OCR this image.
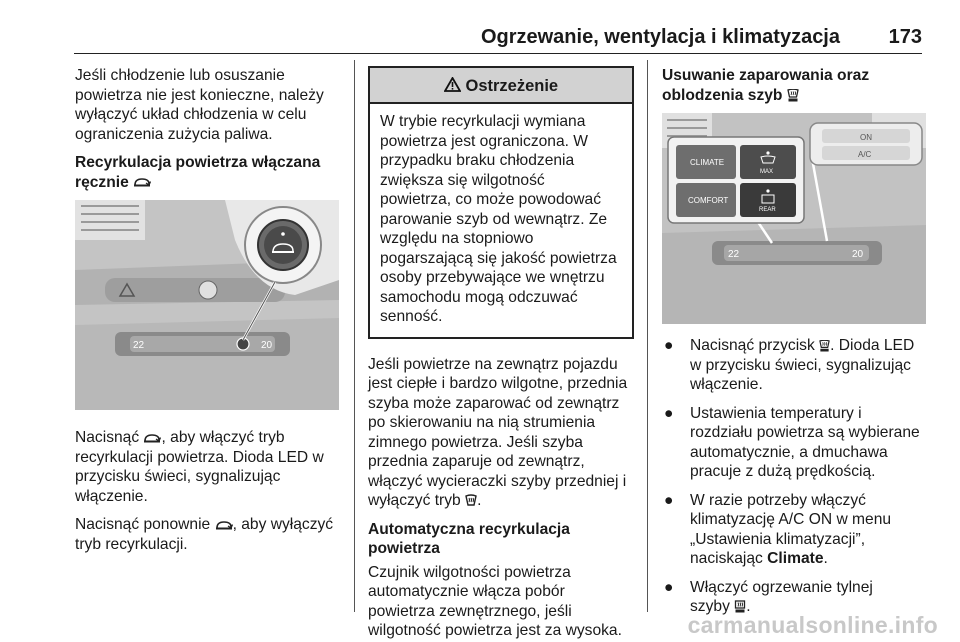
Ogrzewanie, wentylacja i klimatyzacja 173

Jeśli chłodzenie lub osuszanie
powietrza nie jest konieczne, należy
wyłączyć układ chłodzenia w celu
ograniczenia zużycia paliwa.

Recyrkulacja powietrza włączana
ręcznie
22	20

Nacisnąć , aby włączyć tryb
recyrkulacji powietrza. Dioda LED w
przycisku świeci, sygnalizując
włączenie.

Nacisnąć ponownie , aby wyłączyć
tryb recyrkulacji.

Ostrzeżenie
W trybie recyrkulacji wymiana
powietrza jest ograniczona. W
przypadku braku chłodzenia
zwiększa się wilgotność
powietrza, co może powodować
parowanie szyb od wewnątrz. Ze
względu na stopniowo
pogarszającą się jakość powietrza
osoby przebywające we wnętrzu
samochodu mogą odczuwać
senność.

Jeśli powietrze na zewnątrz pojazdu
jest ciepłe i bardzo wilgotne, przednia
szyba może zaparować od zewnątrz
po skierowaniu na nią strumienia
zimnego powietrza. Jeśli szyba
przednia zaparuje od zewnątrz,
włączyć wycieraczki szyby przedniej i
wyłączyć tryb .

Automatyczna recyrkulacja powietrza

Czujnik wilgotności powietrza
automatycznie włącza pobór
powietrza zewnętrznego, jeśli
wilgotność powietrza jest za wysoka.

Usuwanie zaparowania oraz
oblodzenia szyb
22	20
ON
A/C
CLIMATE
COMFORT
MAX
REAR
● Nacisnąć przycisk . Dioda LED
w przycisku świeci, sygnalizując
włączenie.
● Ustawienia temperatury i
rozdziału powietrza są wybierane
automatycznie, a dmuchawa
pracuje z dużą prędkością.
● W razie potrzeby włączyć
klimatyzację A/C ON w menu
„Ustawienia klimatyzacji”,
naciskając Climate.
● Włączyć ogrzewanie tylnej
szyby .
carmanualsonline.info
